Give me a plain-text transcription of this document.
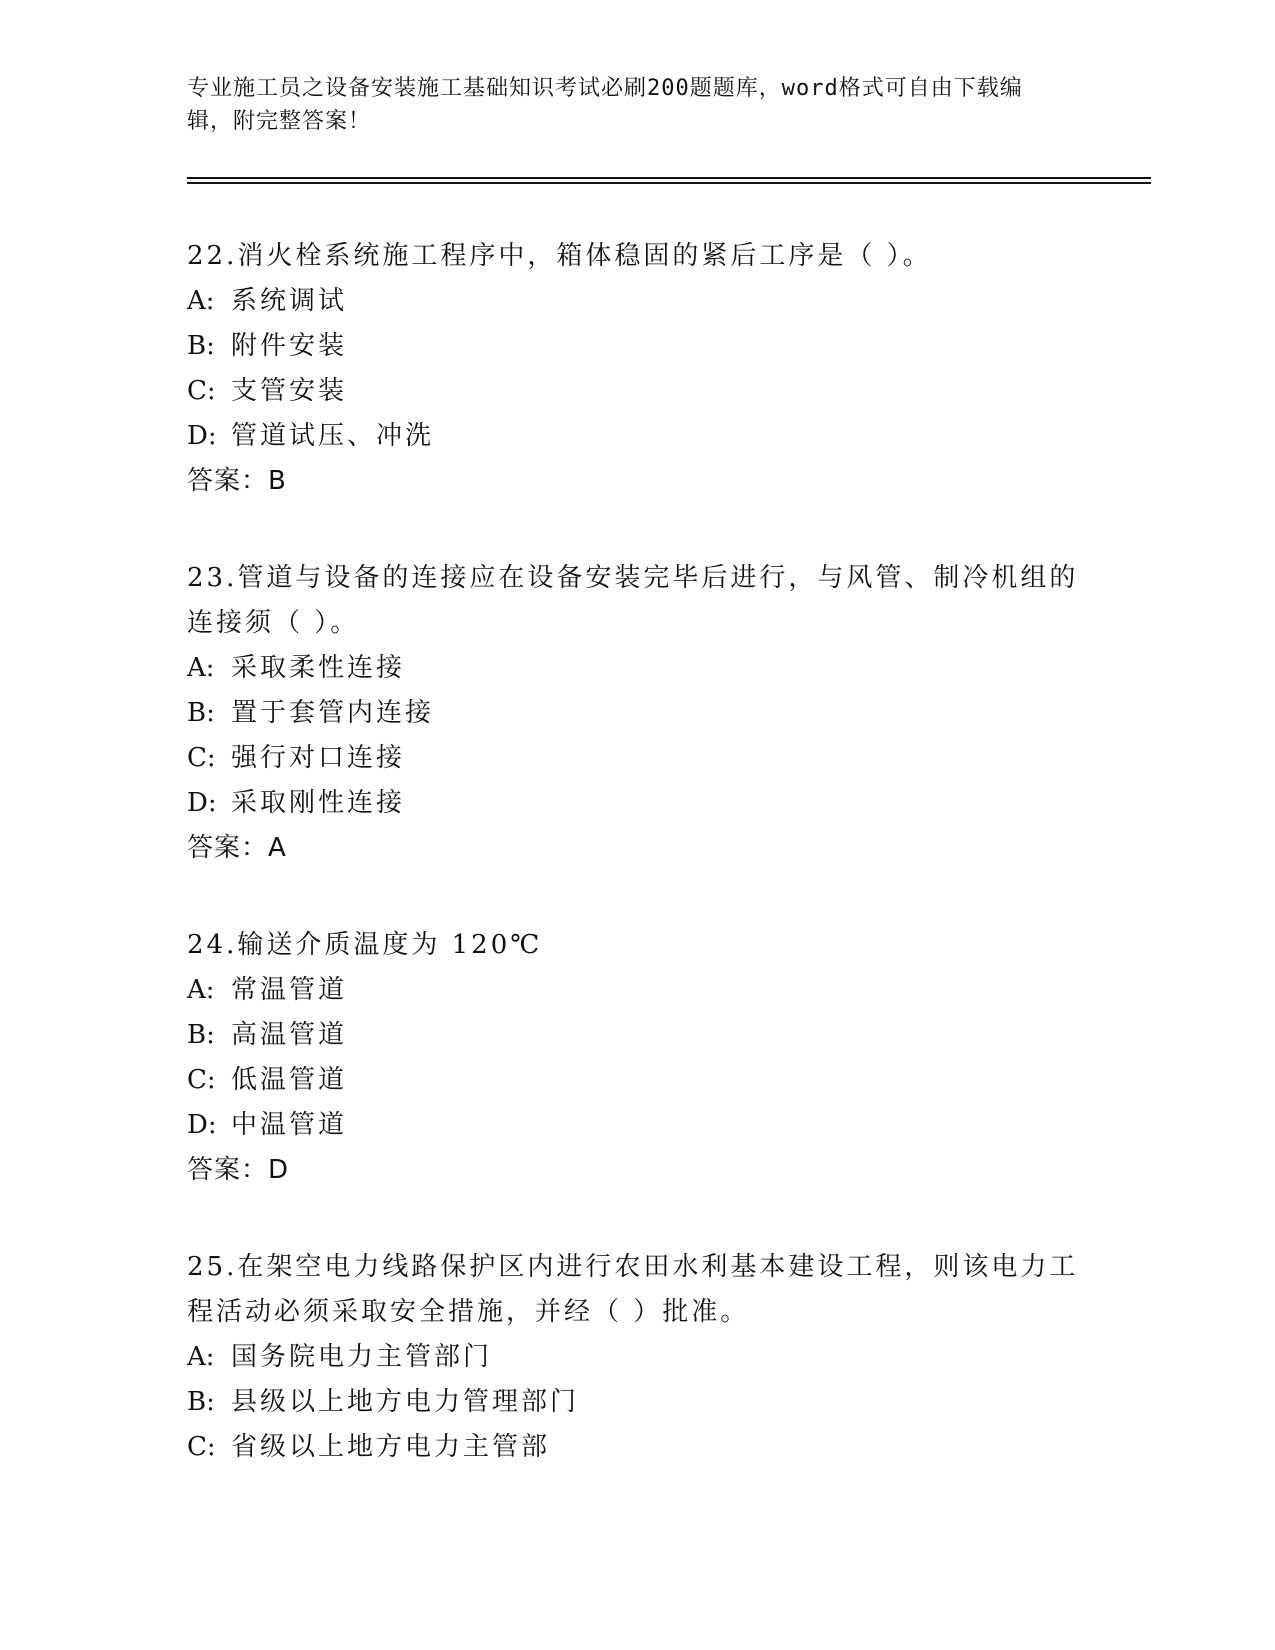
专业施工员之设备安装施工基础知识考试必刷200题题库，word格式可自由下载编辑，附完整答案！

22.消火栓系统施工程序中，箱体稳固的紧后工序是（ ）。

A: 系统调试

B: 附件安装

C: 支管安装

D: 管道试压、冲洗

答案：B

23.管道与设备的连接应在设备安装完毕后进行，与风管、制冷机组的连接须（ ）。

A: 采取柔性连接

B: 置于套管内连接

C: 强行对口连接

D: 采取刚性连接

答案：A

24.输送介质温度为 120℃

A: 常温管道

B: 高温管道

C: 低温管道

D: 中温管道

答案：D

25.在架空电力线路保护区内进行农田水利基本建设工程，则该电力工程活动必须采取安全措施，并经（ ）批准。

A: 国务院电力主管部门

B: 县级以上地方电力管理部门

C: 省级以上地方电力主管部
